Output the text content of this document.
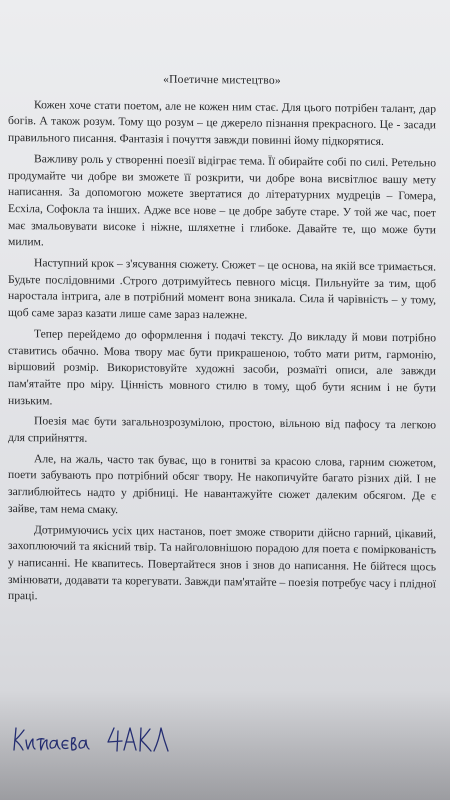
«Поетичне мистецтво»

Кожен хоче стати поетом, але не кожен ним стає. Для цього потрібен талант, дар богів. А також розум. Тому що розум – це джерело пізнання прекрасного. Це - засади правильного писання. Фантазія і почуття завжди повинні йому підкорятися.

Важливу роль у створенні поезії відіграє тема. Її обирайте собі по силі. Ретельно продумайте чи добре ви зможете її розкрити, чи добре вона висвітлює вашу мету написання. За допомогою можете звертатися до літературних мудреців – Гомера, Есхіла, Софокла та інших. Адже все нове – це добре забуте старе. У той же час, поет має змальовувати високе і ніжне, шляхетне і глибоке. Давайте те, що може бути милим.

Наступний крок – з'ясування сюжету. Сюжет – це основа, на якій все тримається. Будьте послідовними .Строго дотримуйтесь певного місця. Пильнуйте за тим, щоб наростала інтрига, але в потрібний момент вона зникала. Сила й чарівність – у тому, щоб саме зараз казати лише саме зараз належне.

Тепер перейдемо до оформлення і подачі тексту. До викладу й мови потрібно ставитись обачно. Мова твору має бути прикрашеною, тобто мати ритм, гармонію, віршовий розмір. Використовуйте художні засоби, розмаїті описи, але завжди пам'ятайте про міру. Цінність мовного стилю в тому, щоб бути ясним і не бути низьким.

Поезія має бути загальнозрозумілою, простою, вільною від пафосу та легкою для сприйняття.

Але, на жаль, часто так буває, що в гонитві за красою слова, гарним сюжетом, поети забувають про потрібний обсяг твору. Не накопичуйте багато різних дій. І не заглиблюйтесь надто у дрібниці. Не навантажуйте сюжет далеким обсягом. Де є зайве, там нема смаку.

Дотримуючись усіх цих настанов, поет зможе створити дійсно гарний, цікавий, захоплюючий та якісний твір. Та найголовнішою порадою для поета є помірковaність у написанні. Не квапитесь. Повертайтеся знов і знов до написання. Не бійтеся щось змінювати, додавати та корегувати. Завжди пам'ятайте – поезія потребує часу і плідної праці.
